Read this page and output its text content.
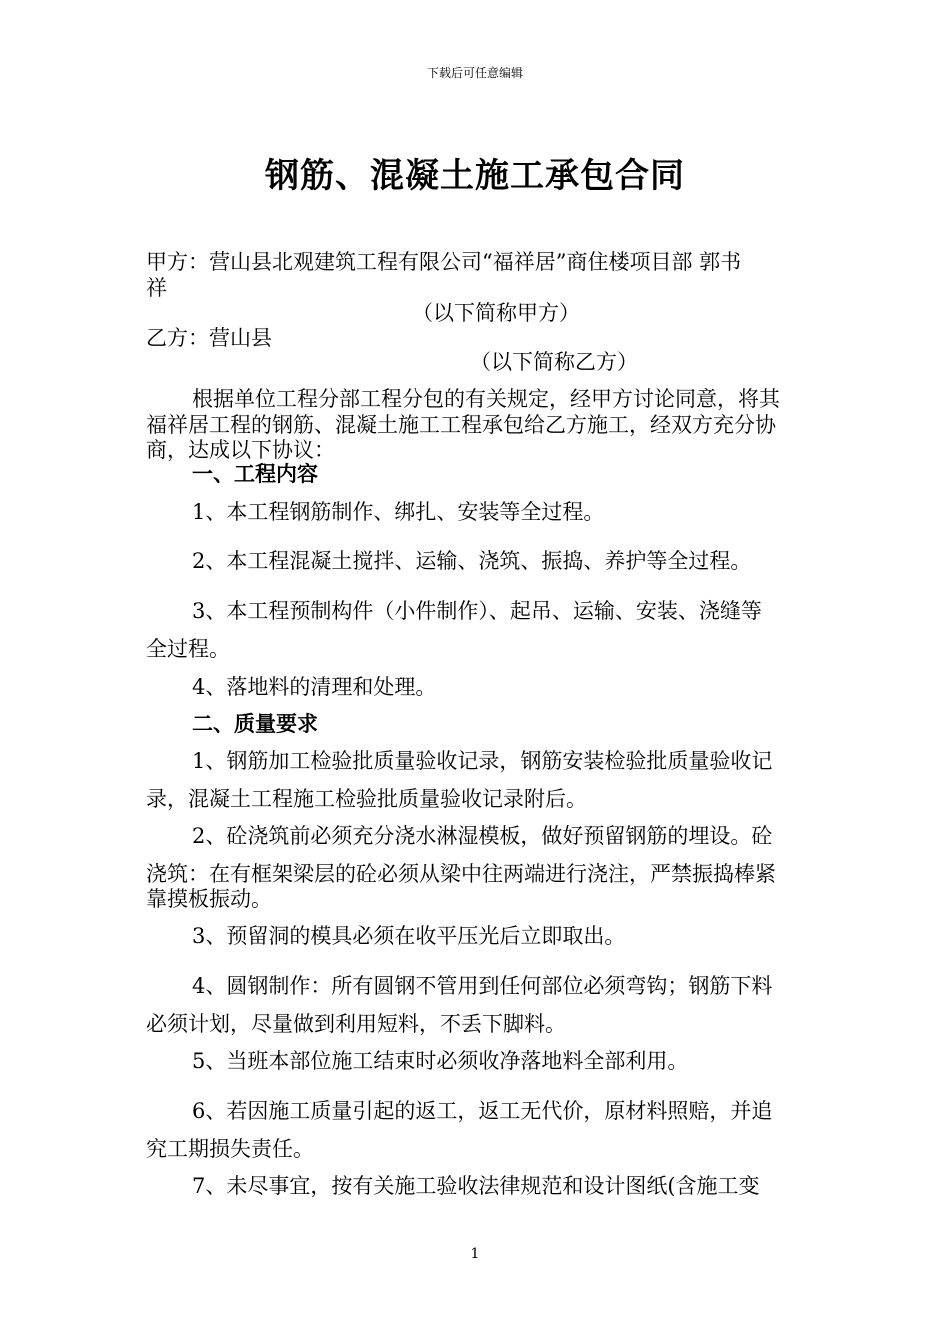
下载后可任意编辑
钢筋、混凝土施工承包合同
甲方：营山县北观建筑工程有限公司“福祥居”商住楼项目部 郭书
祥
（以下简称甲方）
乙方：营山县
（以下简称乙方）
根据单位工程分部工程分包的有关规定，经甲方讨论同意，将其
福祥居工程的钢筋、混凝土施工工程承包给乙方施工，经双方充分协
商，达成以下协议：
一、工程内容
1、本工程钢筋制作、绑扎、安装等全过程。
2、本工程混凝土搅拌、运输、浇筑、振捣、养护等全过程。
3、本工程预制构件（小件制作）、起吊、运输、安装、浇缝等
全过程。
4、落地料的清理和处理。
二、质量要求
1、钢筋加工检验批质量验收记录，钢筋安装检验批质量验收记
录，混凝土工程施工检验批质量验收记录附后。
2、砼浇筑前必须充分浇水淋湿模板，做好预留钢筋的埋设。砼
浇筑：在有框架梁层的砼必须从梁中往两端进行浇注，严禁振捣棒紧
靠摸板振动。
3、预留洞的模具必须在收平压光后立即取出。
4、圆钢制作：所有圆钢不管用到任何部位必须弯钩；钢筋下料
必须计划，尽量做到利用短料，不丢下脚料。
5、当班本部位施工结束时必须收净落地料全部利用。
6、若因施工质量引起的返工，返工无代价，原材料照赔，并追
究工期损失责任。
7、未尽事宜，按有关施工验收法律规范和设计图纸(含施工变
1
